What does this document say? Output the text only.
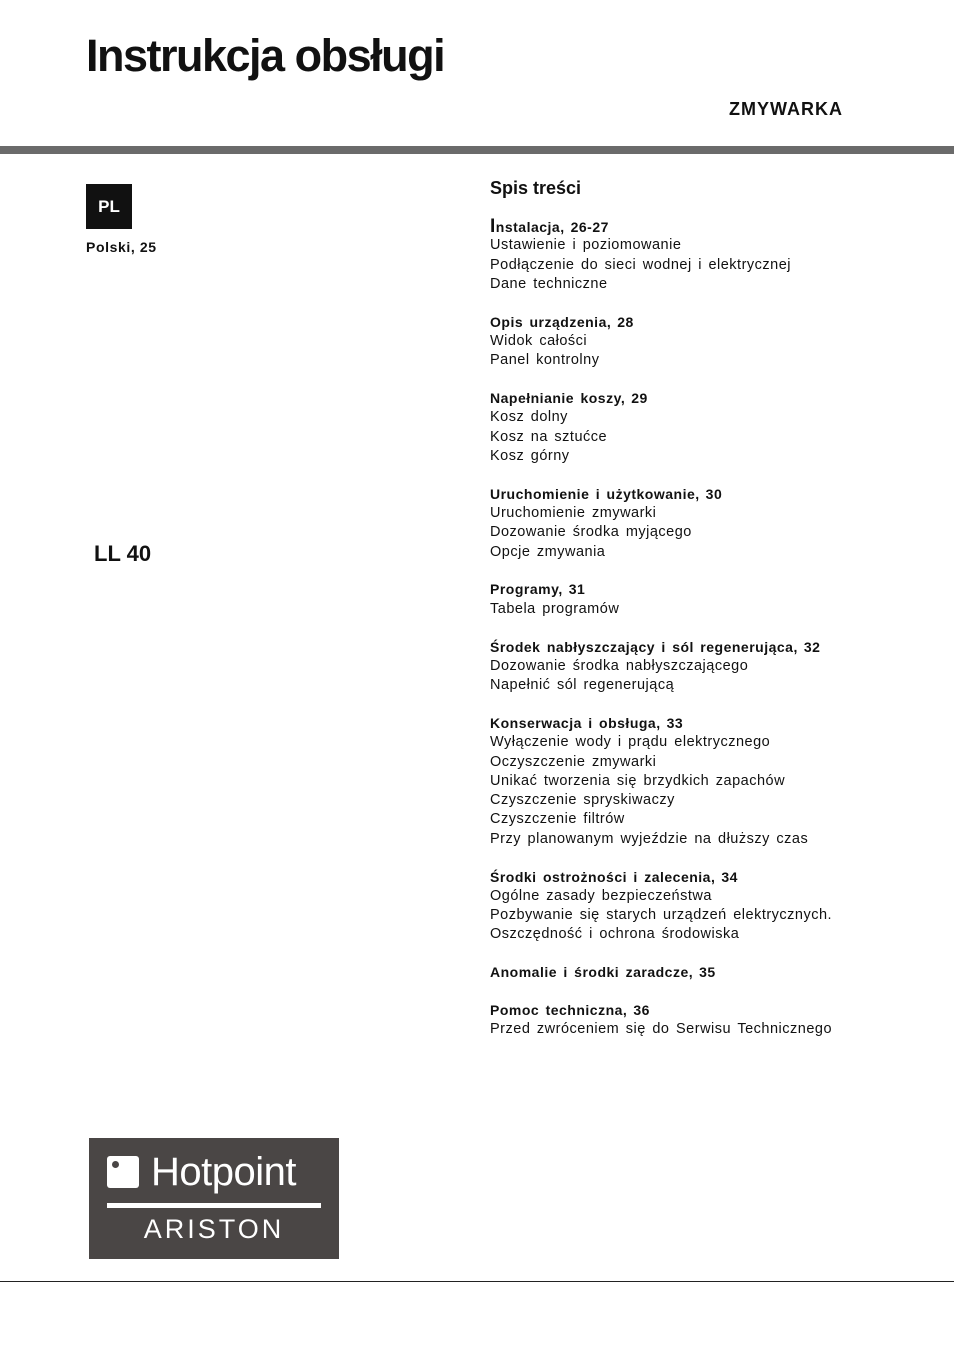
Instrukcja obsługi
ZMYWARKA
PL
Polski, 25
LL 40
Spis treści
Instalacja, 26-27
Ustawienie i poziomowanie
Podłączenie do sieci wodnej i elektrycznej
Dane techniczne
Opis urządzenia, 28
Widok całości
Panel kontrolny
Napełnianie koszy, 29
Kosz dolny
Kosz na sztućce
Kosz górny
Uruchomienie i użytkowanie, 30
Uruchomienie zmywarki
Dozowanie środka myjącego
Opcje zmywania
Programy, 31
Tabela programów
Środek nabłyszczający i sól regenerująca, 32
Dozowanie środka nabłyszczającego
Napełnić sól regenerującą
Konserwacja i obsługa, 33
Wyłączenie wody i prądu elektrycznego
Oczyszczenie zmywarki
Unikać tworzenia się brzydkich zapachów
Czyszczenie spryskiwaczy
Czyszczenie filtrów
Przy planowanym wyjeździe na dłuższy czas
Środki ostrożności i zalecenia, 34
Ogólne zasady bezpieczeństwa
Pozbywanie się starych urządzeń elektrycznych.
Oszczędność i ochrona środowiska
Anomalie i środki zaradcze, 35
Pomoc techniczna, 36
Przed zwróceniem się do Serwisu Technicznego
Hotpoint
ARISTON
